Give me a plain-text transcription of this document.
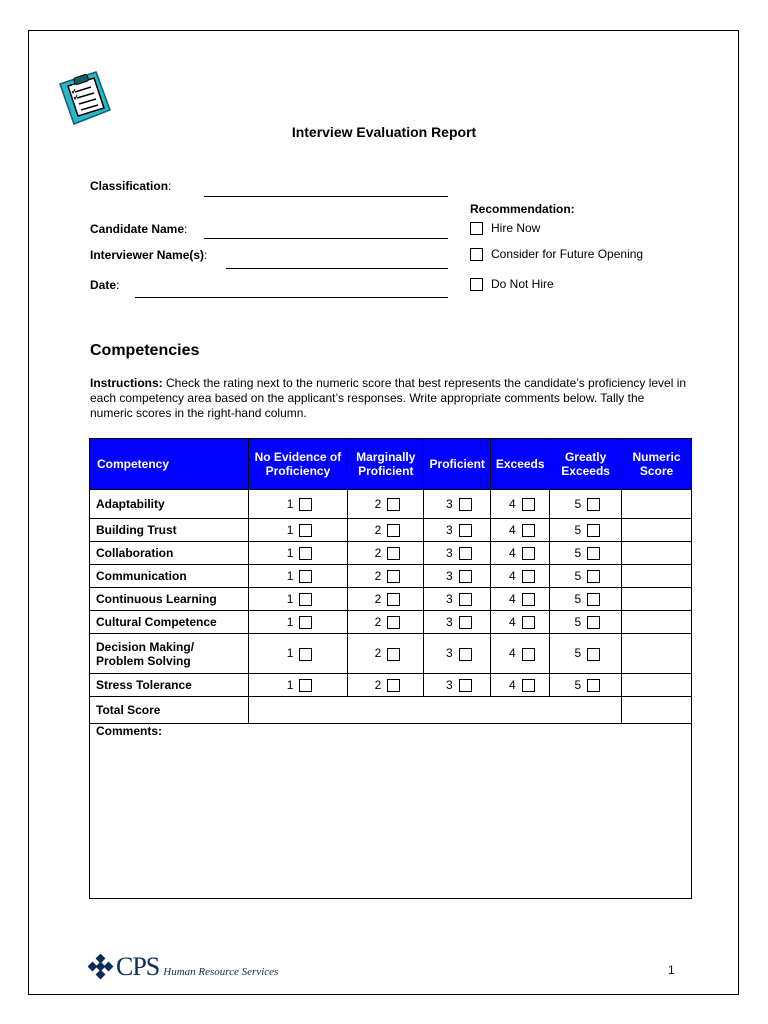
Interview Evaluation Report
Classification:
Candidate Name:
Interviewer Name(s):
Date:
Recommendation:
Hire Now
Consider for Future Opening
Do Not Hire
Competencies
Instructions: Check the rating next to the numeric score that best represents the candidate’s proficiency level in each competency area based on the applicant’s responses. Write appropriate comments below. Tally the numeric scores in the right-hand column.
Competency	No Evidence of Proficiency	Marginally Proficient	Proficient	Exceeds	Greatly Exceeds	Numeric Score
Adaptability	1	2	3	4	5	
Building Trust	1	2	3	4	5	
Collaboration	1	2	3	4	5	
Communication	1	2	3	4	5	
Continuous Learning	1	2	3	4	5	
Cultural Competence	1	2	3	4	5	
Decision Making/ Problem Solving	1	2	3	4	5	
Stress Tolerance	1	2	3	4	5	
Total Score						
Comments:						
CPS Human Resource Services	1
